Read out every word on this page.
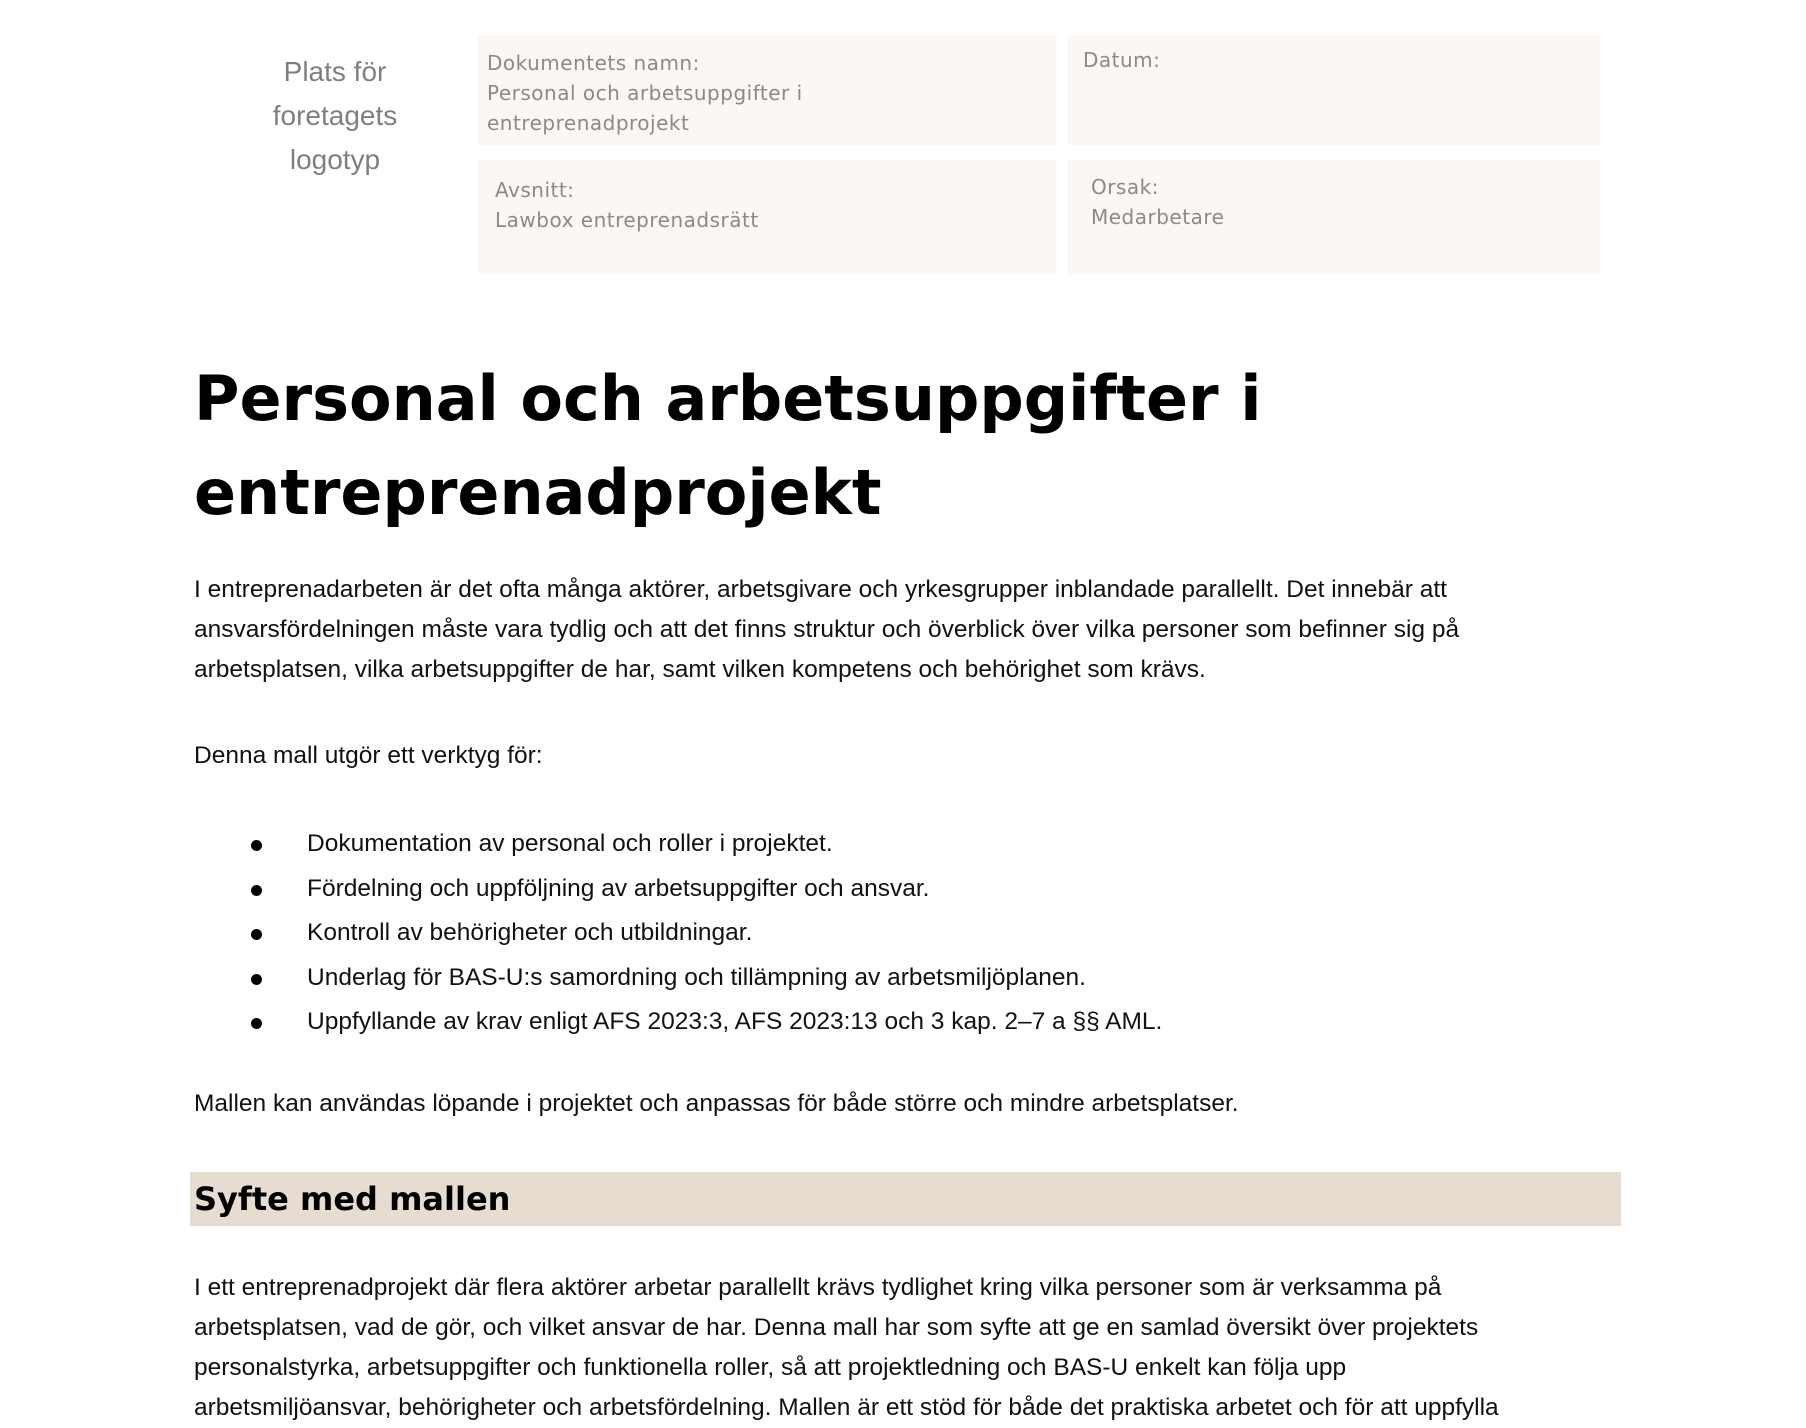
Plats för
foretagets
logotyp
Dokumentets namn:
Personal och arbetsuppgifter i
entreprenadprojekt
Datum:
Avsnitt:
Lawbox entreprenadsrätt
Orsak:
Medarbetare
Personal och arbetsuppgifter i
entreprenadprojekt

I entreprenadarbeten är det ofta många aktörer, arbetsgivare och yrkesgrupper inblandade parallellt. Det innebär att
ansvarsfördelningen måste vara tydlig och att det finns struktur och överblick över vilka personer som befinner sig på
arbetsplatsen, vilka arbetsuppgifter de har, samt vilken kompetens och behörighet som krävs.

Denna mall utgör ett verktyg för:

Dokumentation av personal och roller i projektet.
Fördelning och uppföljning av arbetsuppgifter och ansvar.
Kontroll av behörigheter och utbildningar.
Underlag för BAS-U:s samordning och tillämpning av arbetsmiljöplanen.
Uppfyllande av krav enligt AFS 2023:3, AFS 2023:13 och 3 kap. 2–7 a §§ AML.

Mallen kan användas löpande i projektet och anpassas för både större och mindre arbetsplatser.

Syfte med mallen

I ett entreprenadprojekt där flera aktörer arbetar parallellt krävs tydlighet kring vilka personer som är verksamma på
arbetsplatsen, vad de gör, och vilket ansvar de har. Denna mall har som syfte att ge en samlad översikt över projektets
personalstyrka, arbetsuppgifter och funktionella roller, så att projektledning och BAS-U enkelt kan följa upp
arbetsmiljöansvar, behörigheter och arbetsfördelning. Mallen är ett stöd för både det praktiska arbetet och för att uppfylla
